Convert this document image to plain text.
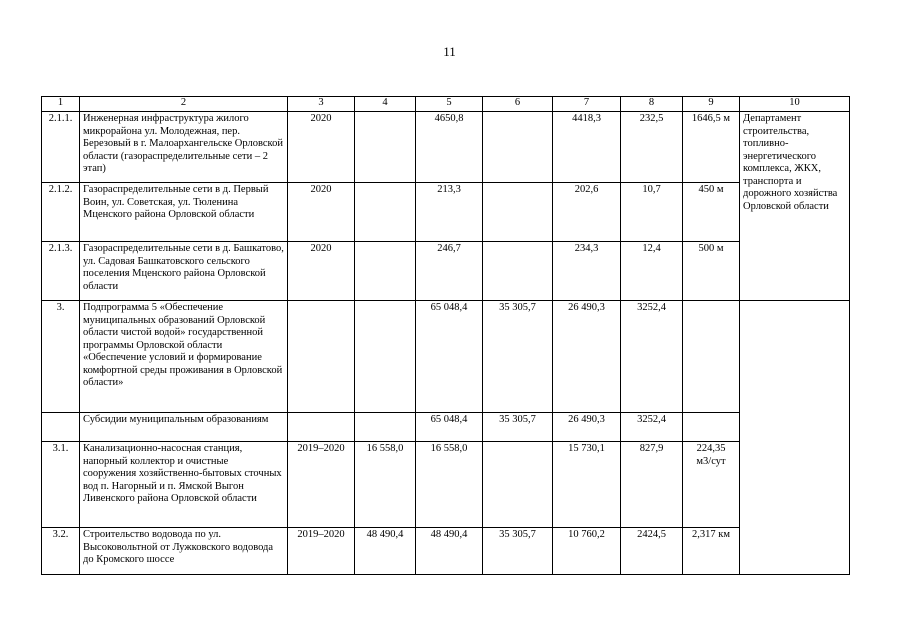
11
1	2	3	4	5	6	7	8	9	10
2.1.1.	Инженерная инфраструктура жилого микрорайона ул. Молодежная, пер. Березовый в г. Малоархангельске Орловской области (газораспределительные сети – 2 этап)	2020		4650,8		4418,3	232,5	1646,5 м	Департамент строительства, топливно-энергетического комплекса, ЖКХ, транспорта и дорожного хозяйства Орловской области
2.1.2.	Газораспределительные сети в д. Первый Воин, ул. Советская, ул. Тюленина Мценского района Орловской области	2020		213,3		202,6	10,7	450 м	
2.1.3.	Газораспределительные сети в д. Башкатово, ул. Садовая Башкатовского сельского поселения Мценского района Орловской области	2020		246,7		234,3	12,4	500 м	
3.	Подпрограмма 5 «Обеспечение муниципальных образований Орловской области чистой водой» государственной программы Орловской области «Обеспечение условий и формирование комфортной среды проживания в Орловской области»			65 048,4	35 305,7	26 490,3	3252,4		
	Субсидии муниципальным образованиям			65 048,4	35 305,7	26 490,3	3252,4		
3.1.	Канализационно-насосная станция, напорный коллектор и очистные сооружения хозяйственно-бытовых сточных вод п. Нагорный и п. Ямской Выгон Ливенского района Орловской области	2019–2020	16 558,0	16 558,0		15 730,1	827,9	224,35
м3/сут	

3.2.	Строительство водовода по ул. Высоковольтной от Лужковского водовода до Кромского шоссе	2019–2020	48 490,4	48 490,4	35 305,7	10 760,2	2424,5	2,317 км	
